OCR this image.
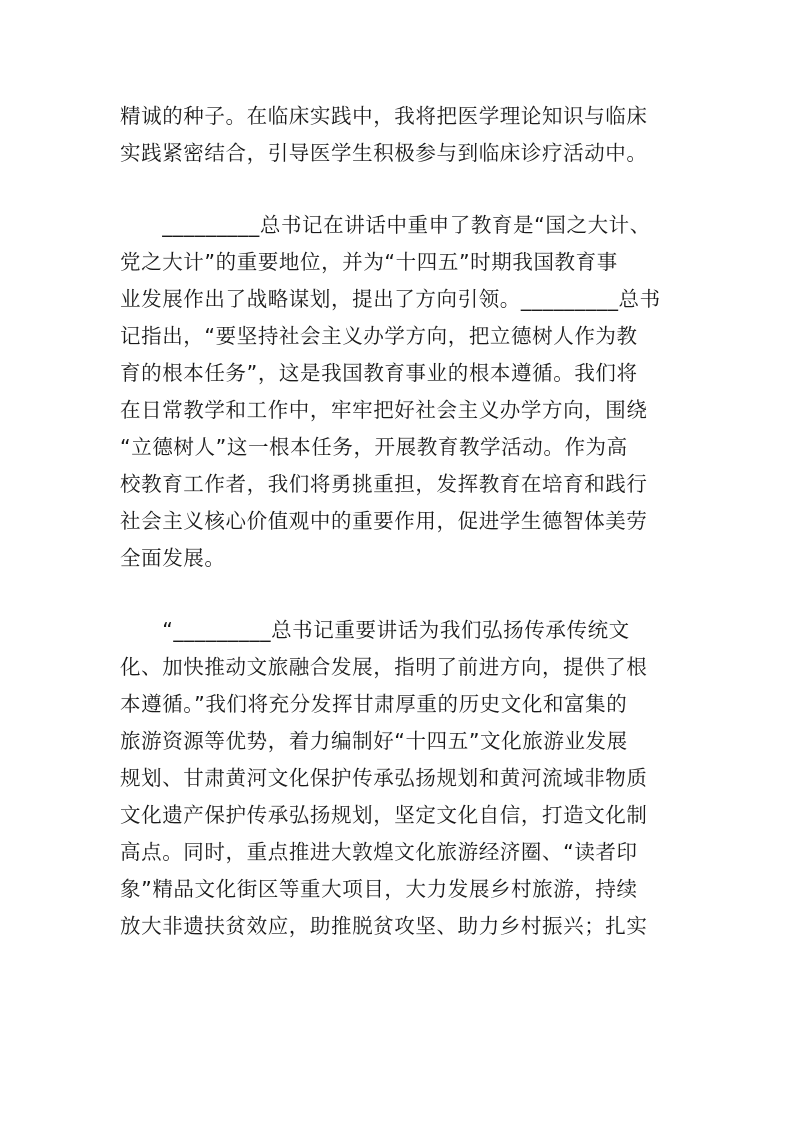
精诚的种子。在临床实践中，我将把医学理论知识与临床
实践紧密结合，引导医学生积极参与到临床诊疗活动中。
　　_________总书记在讲话中重申了教育是“国之大计、
党之大计”的重要地位，并为“十四五”时期我国教育事
业发展作出了战略谋划，提出了方向引领。_________总书
记指出，“要坚持社会主义办学方向，把立德树人作为教
育的根本任务”，这是我国教育事业的根本遵循。我们将
在日常教学和工作中，牢牢把好社会主义办学方向，围绕
“立德树人”这一根本任务，开展教育教学活动。作为高
校教育工作者，我们将勇挑重担，发挥教育在培育和践行
社会主义核心价值观中的重要作用，促进学生德智体美劳
全面发展。
　　“_________总书记重要讲话为我们弘扬传承传统文
化、加快推动文旅融合发展，指明了前进方向，提供了根
本遵循。”我们将充分发挥甘肃厚重的历史文化和富集的
旅游资源等优势，着力编制好“十四五”文化旅游业发展
规划、甘肃黄河文化保护传承弘扬规划和黄河流域非物质
文化遗产保护传承弘扬规划，坚定文化自信，打造文化制
高点。同时，重点推进大敦煌文化旅游经济圈、“读者印
象”精品文化街区等重大项目，大力发展乡村旅游，持续
放大非遗扶贫效应，助推脱贫攻坚、助力乡村振兴；扎实
